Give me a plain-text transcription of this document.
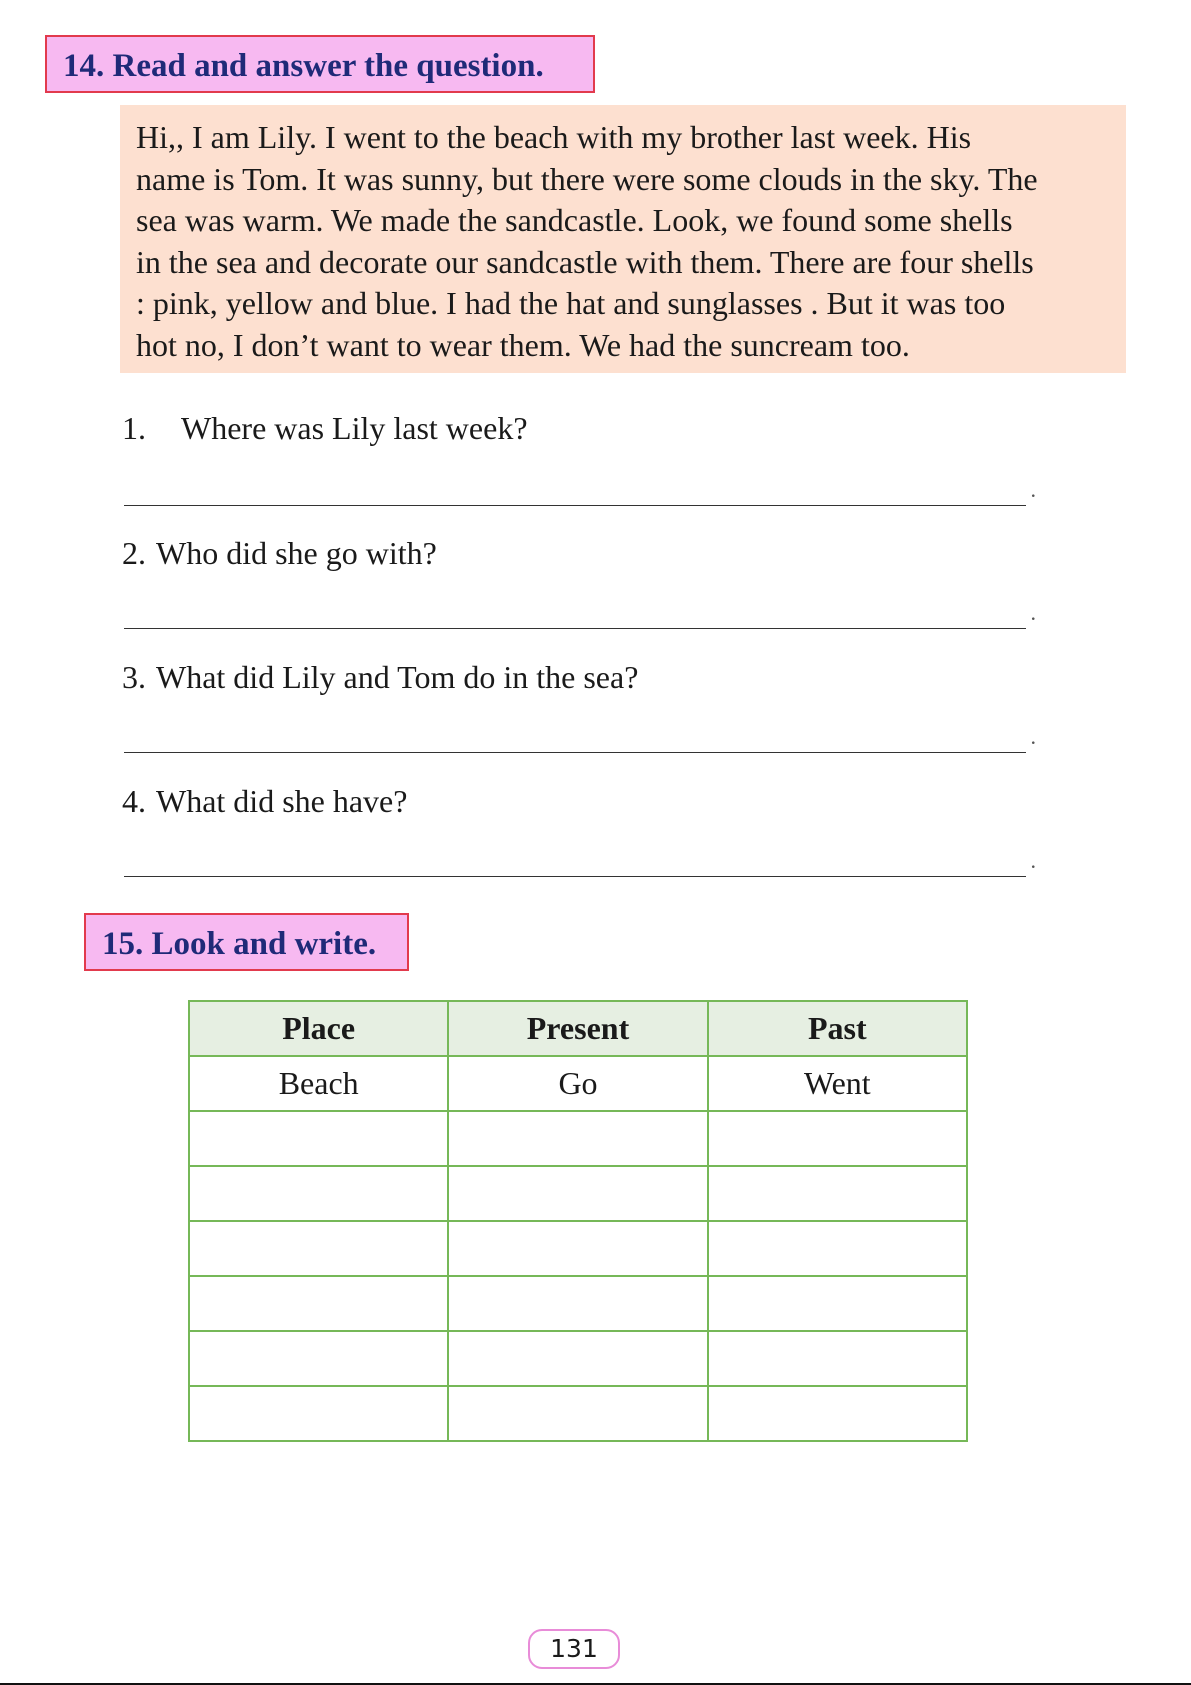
14. Read and answer the question.

Hi,, I am Lily. I went to the beach with my brother last week. His

name is Tom. It was sunny, but there were some clouds in the sky. The

sea was warm. We made the sandcastle. Look, we found some shells

in the sea and decorate our sandcastle with them. There are four shells

: pink, yellow and blue. I had the hat and sunglasses . But it was too

hot no, I don’t want to wear them. We had the suncream too.

1. Where was Lily last week?
.
2. Who did she go with?
.
3. What did Lily and Tom do in the sea?
.
4. What did she have?
.
15. Look and write.
Place	Present	Past
Beach	Go	Went

131
